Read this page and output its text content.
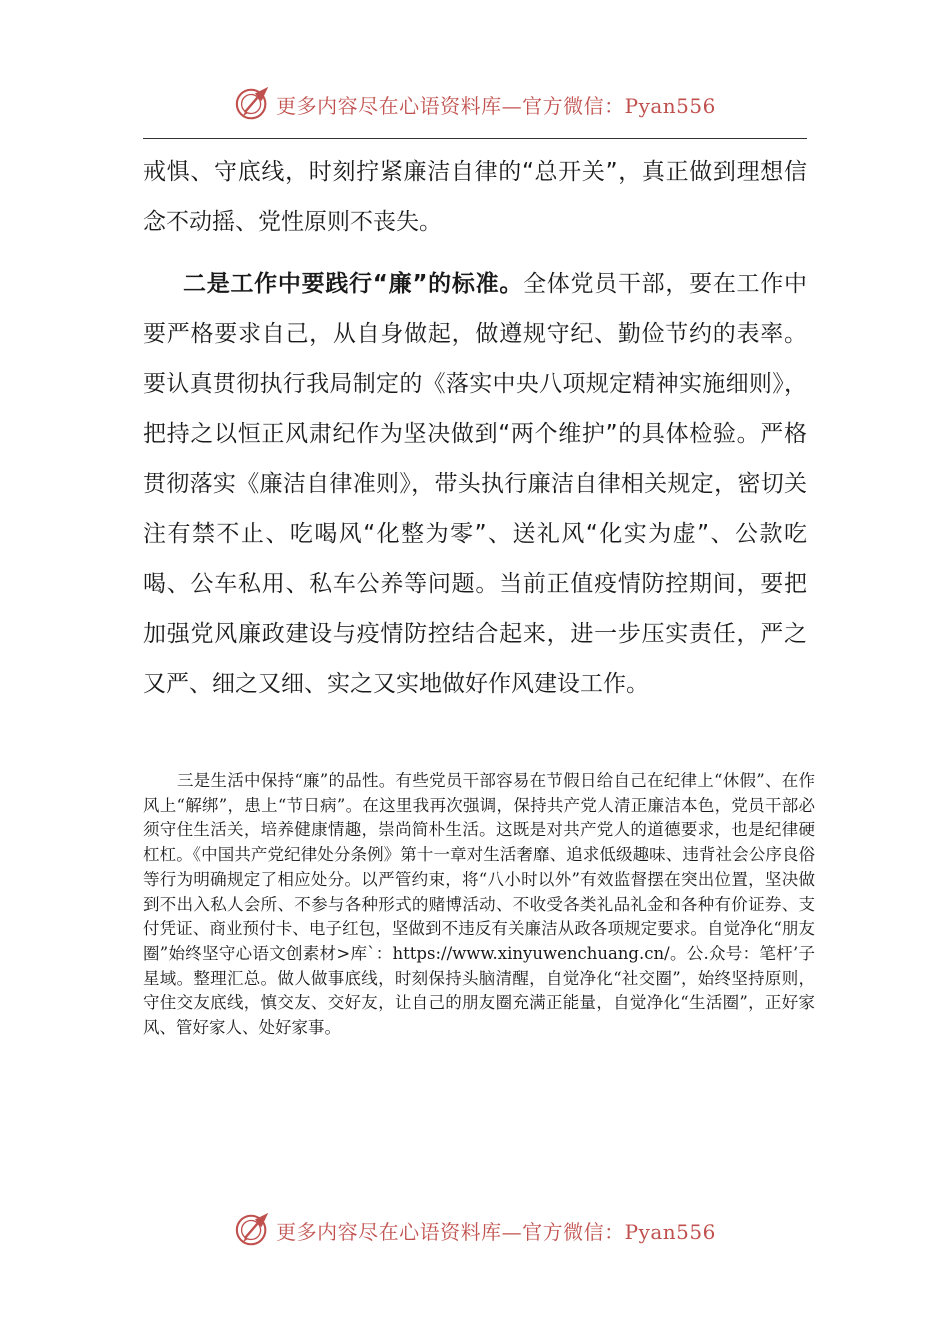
更多内容尽在心语资料库—官方微信：Pyan556

戒惧、守底线，时刻拧紧廉洁自律的“总开关”，真正做到理想信念不动摇、党性原则不丧失。

二是工作中要践行“廉”的标准。全体党员干部，要在工作中要严格要求自己，从自身做起，做遵规守纪、勤俭节约的表率。要认真贯彻执行我局制定的《落实中央八项规定精神实施细则》，把持之以恒正风肃纪作为坚决做到“两个维护”的具体检验。严格贯彻落实《廉洁自律准则》，带头执行廉洁自律相关规定，密切关注有禁不止、吃喝风“化整为零”、送礼风“化实为虚”、公款吃喝、公车私用、私车公养等问题。当前正值疫情防控期间，要把加强党风廉政建设与疫情防控结合起来，进一步压实责任，严之又严、细之又细、实之又实地做好作风建设工作。

三是生活中保持“廉”的品性。有些党员干部容易在节假日给自己在纪律上“休假”、在作风上“解绑”，患上“节日病”。在这里我再次强调，保持共产党人清正廉洁本色，党员干部必须守住生活关，培养健康情趣，崇尚简朴生活。这既是对共产党人的道德要求，也是纪律硬杠杠。《中国共产党纪律处分条例》第十一章对生活奢靡、追求低级趣味、违背社会公序良俗等行为明确规定了相应处分。以严管约束，将“八小时以外”有效监督摆在突出位置，坚决做到不出入私人会所、不参与各种形式的赌博活动、不收受各类礼品礼金和各种有价证券、支付凭证、商业预付卡、电子红包，坚做到不违反有关廉洁从政各项规定要求。自觉净化“朋友圈”始终坚守心语文创素材>库`：https://www.xinyuwenchuang.cn/。公.众号：笔杆’子星域。整理汇总。做人做事底线，时刻保持头脑清醒，自觉净化“社交圈”，始终坚持原则，守住交友底线，慎交友、交好友，让自己的朋友圈充满正能量，自觉净化“生活圈”，正好家风、管好家人、处好家事。

更多内容尽在心语资料库—官方微信：Pyan556
